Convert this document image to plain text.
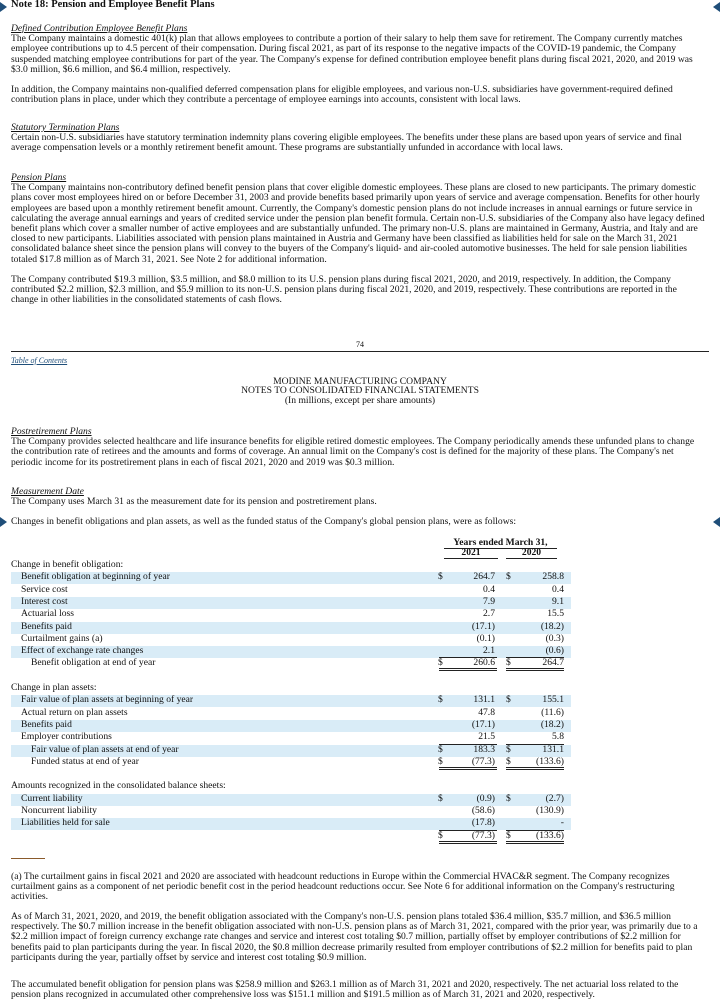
Note 18: Pension and Employee Benefit Plans
Defined Contribution Employee Benefit Plans
The Company maintains a domestic 401(k) plan that allows employees to contribute a portion of their salary to help them save for retirement. The Company currently matches employee contributions up to 4.5 percent of their compensation. During fiscal 2021, as part of its response to the negative impacts of the COVID-19 pandemic, the Company suspended matching employee contributions for part of the year. The Company's expense for defined contribution employee benefit plans during fiscal 2021, 2020, and 2019 was $3.0 million, $6.6 million, and $6.4 million, respectively.
In addition, the Company maintains non-qualified deferred compensation plans for eligible employees, and various non-U.S. subsidiaries have government-required defined contribution plans in place, under which they contribute a percentage of employee earnings into accounts, consistent with local laws.
Statutory Termination Plans
Certain non-U.S. subsidiaries have statutory termination indemnity plans covering eligible employees. The benefits under these plans are based upon years of service and final average compensation levels or a monthly retirement benefit amount. These programs are substantially unfunded in accordance with local laws.
Pension Plans
The Company maintains non-contributory defined benefit pension plans that cover eligible domestic employees. These plans are closed to new participants. The primary domestic plans cover most employees hired on or before December 31, 2003 and provide benefits based primarily upon years of service and average compensation. Benefits for other hourly employees are based upon a monthly retirement benefit amount. Currently, the Company's domestic pension plans do not include increases in annual earnings or future service in calculating the average annual earnings and years of credited service under the pension plan benefit formula. Certain non-U.S. subsidiaries of the Company also have legacy defined benefit plans which cover a smaller number of active employees and are substantially unfunded. The primary non-U.S. plans are maintained in Germany, Austria, and Italy and are closed to new participants. Liabilities associated with pension plans maintained in Austria and Germany have been classified as liabilities held for sale on the March 31, 2021 consolidated balance sheet since the pension plans will convey to the buyers of the Company's liquid- and air-cooled automotive businesses. The held for sale pension liabilities totaled $17.8 million as of March 31, 2021. See Note 2 for additional information.
The Company contributed $19.3 million, $3.5 million, and $8.0 million to its U.S. pension plans during fiscal 2021, 2020, and 2019, respectively. In addition, the Company contributed $2.2 million, $2.3 million, and $5.9 million to its non-U.S. pension plans during fiscal 2021, 2020, and 2019, respectively. These contributions are reported in the change in other liabilities in the consolidated statements of cash flows.
74
Table of Contents
MODINE MANUFACTURING COMPANY
NOTES TO CONSOLIDATED FINANCIAL STATEMENTS
(In millions, except per share amounts)
Postretirement Plans
The Company provides selected healthcare and life insurance benefits for eligible retired domestic employees. The Company periodically amends these unfunded plans to change the contribution rate of retirees and the amounts and forms of coverage. An annual limit on the Company's cost is defined for the majority of these plans. The Company's net periodic income for its postretirement plans in each of fiscal 2021, 2020 and 2019 was $0.3 million.
Measurement Date
The Company uses March 31 as the measurement date for its pension and postretirement plans.
Changes in benefit obligations and plan assets, as well as the funded status of the Company's global pension plans, were as follows:
Years ended March 31,
2021	2020
Change in benefit obligation:
Benefit obligation at beginning of year	$	264.7 $	258.8
Service cost	0.4	0.4
Interest cost	7.9	9.1
Actuarial loss	2.7	15.5
Benefits paid	(17.1)	(18.2)
Curtailment gains (a)	(0.1)	(0.3)
Effect of exchange rate changes	2.1	(0.6)
Benefit obligation at end of year	$	260.6 $	264.7
Change in plan assets:
Fair value of plan assets at beginning of year	$	131.1 $	155.1
Actual return on plan assets	47.8	(11.6)
Benefits paid	(17.1)	(18.2)
Employer contributions	21.5	5.8
Fair value of plan assets at end of year	$	183.3 $	131.1
Funded status at end of year	$	(77.3) $	(133.6)
Amounts recognized in the consolidated balance sheets:
Current liability	$	(0.9) $	(2.7)
Noncurrent liability	(58.6)	(130.9)
Liabilities held for sale	(17.8)	-
$	(77.3) $	(133.6)
(a) The curtailment gains in fiscal 2021 and 2020 are associated with headcount reductions in Europe within the Commercial HVAC&R segment. The Company recognizes curtailment gains as a component of net periodic benefit cost in the period headcount reductions occur. See Note 6 for additional information on the Company's restructuring activities.
As of March 31, 2021, 2020, and 2019, the benefit obligation associated with the Company's non-U.S. pension plans totaled $36.4 million, $35.7 million, and $36.5 million respectively. The $0.7 million increase in the benefit obligation associated with non-U.S. pension plans as of March 31, 2021, compared with the prior year, was primarily due to a $2.2 million impact of foreign currency exchange rate changes and service and interest cost totaling $0.7 million, partially offset by employer contributions of $2.2 million for benefits paid to plan participants during the year. In fiscal 2020, the $0.8 million decrease primarily resulted from employer contributions of $2.2 million for benefits paid to plan participants during the year, partially offset by service and interest cost totaling $0.9 million.
The accumulated benefit obligation for pension plans was $258.9 million and $263.1 million as of March 31, 2021 and 2020, respectively. The net actuarial loss related to the pension plans recognized in accumulated other comprehensive loss was $151.1 million and $191.5 million as of March 31, 2021 and 2020, respectively.
